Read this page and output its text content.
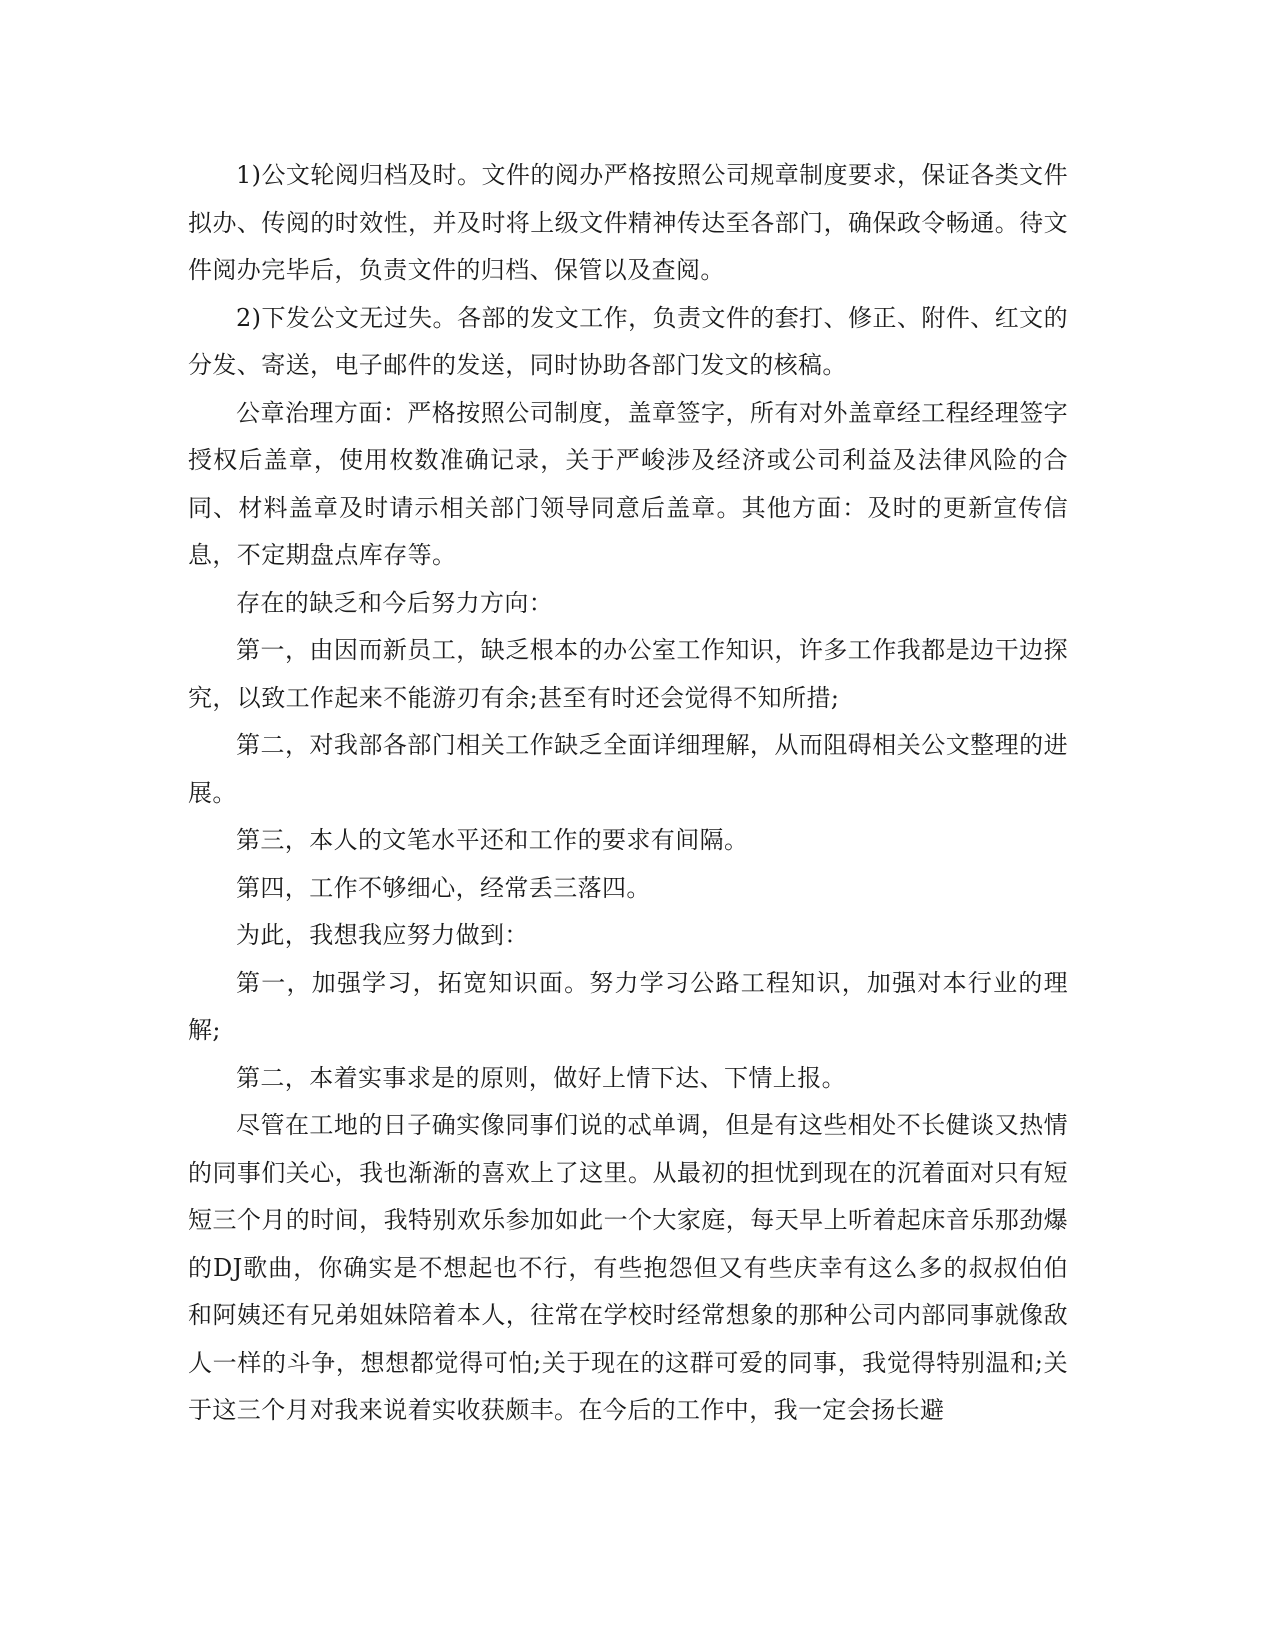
1)公文轮阅归档及时。文件的阅办严格按照公司规章制度要求，保证各类文件拟办、传阅的时效性，并及时将上级文件精神传达至各部门，确保政令畅通。待文件阅办完毕后，负责文件的归档、保管以及查阅。

2)下发公文无过失。各部的发文工作，负责文件的套打、修正、附件、红文的分发、寄送，电子邮件的发送，同时协助各部门发文的核稿。

公章治理方面：严格按照公司制度，盖章签字，所有对外盖章经工程经理签字授权后盖章，使用枚数准确记录，关于严峻涉及经济或公司利益及法律风险的合同、材料盖章及时请示相关部门领导同意后盖章。其他方面：及时的更新宣传信息，不定期盘点库存等。

存在的缺乏和今后努力方向：

第一，由因而新员工，缺乏根本的办公室工作知识，许多工作我都是边干边探究，以致工作起来不能游刃有余;甚至有时还会觉得不知所措;

第二，对我部各部门相关工作缺乏全面详细理解，从而阻碍相关公文整理的进展。

第三，本人的文笔水平还和工作的要求有间隔。

第四，工作不够细心，经常丢三落四。

为此，我想我应努力做到：

第一，加强学习，拓宽知识面。努力学习公路工程知识，加强对本行业的理解;

第二，本着实事求是的原则，做好上情下达、下情上报。

尽管在工地的日子确实像同事们说的忒单调，但是有这些相处不长健谈又热情的同事们关心，我也渐渐的喜欢上了这里。从最初的担忧到现在的沉着面对只有短短三个月的时间，我特别欢乐参加如此一个大家庭，每天早上听着起床音乐那劲爆的DJ歌曲，你确实是不想起也不行，有些抱怨但又有些庆幸有这么多的叔叔伯伯和阿姨还有兄弟姐妹陪着本人，往常在学校时经常想象的那种公司内部同事就像敌人一样的斗争，想想都觉得可怕;关于现在的这群可爱的同事，我觉得特别温和;关于这三个月对我来说着实收获颇丰。在今后的工作中，我一定会扬长避
